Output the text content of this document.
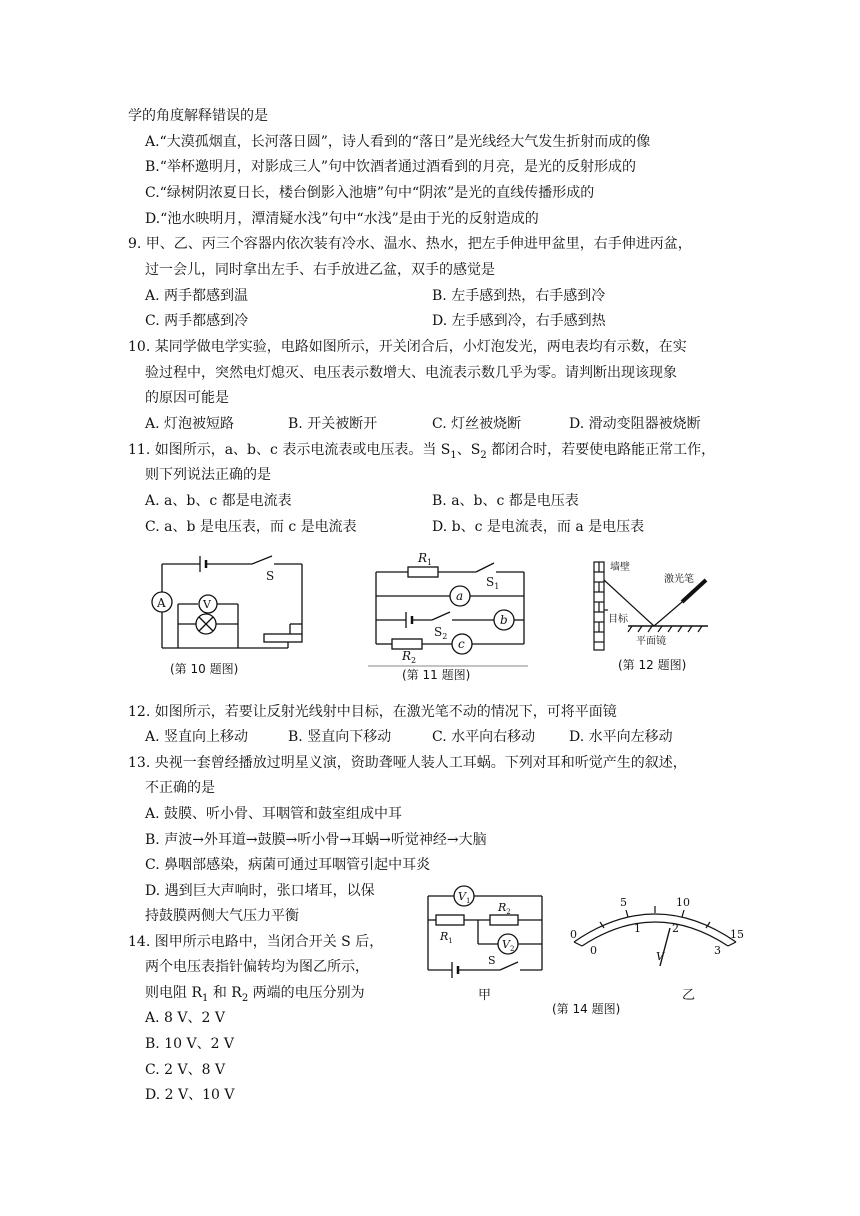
学的角度解释错误的是
A.“大漠孤烟直，长河落日圆”，诗人看到的“落日”是光线经大气发生折射而成的像
B.“举杯邀明月，对影成三人”句中饮酒者通过酒看到的月亮，是光的反射形成的
C.“绿树阴浓夏日长，楼台倒影入池塘”句中“阴浓”是光的直线传播形成的
D.“池水映明月，潭清疑水浅”句中“水浅”是由于光的反射造成的
9. 甲、乙、丙三个容器内依次装有冷水、温水、热水，把左手伸进甲盆里，右手伸进丙盆，
过一会儿，同时拿出左手、右手放进乙盆，双手的感觉是
A. 两手都感到温	B. 左手感到热，右手感到冷
C. 两手都感到冷	D. 左手感到冷，右手感到热
10. 某同学做电学实验，电路如图所示，开关闭合后，小灯泡发光，两电表均有示数，在实
验过程中，突然电灯熄灭、电压表示数增大、电流表示数几乎为零。请判断出现该现象
的原因可能是
A. 灯泡被短路	B. 开关被断开	C. 灯丝被烧断	D. 滑动变阻器被烧断
11. 如图所示，a、b、c 表示电流表或电压表。当 $S_1$、$S_2$ 都闭合时，若要使电路能正常工作，
则下列说法正确的是
A. a、b、c 都是电流表	B. a、b、c 都是电压表
C. a、b 是电压表，而 c 是电流表	D. b、c 是电流表，而 a 是电压表
S
A	V
(第 10 题图)
$R_1$
$R_2$
a
b
c
$S_1$
$S_2$
(第 11 题图)
墙壁
激光笔
目标
平面镜
(第 12 题图)
12. 如图所示，若要让反射光线射中目标，在激光笔不动的情况下，可将平面镜
A. 竖直向上移动	B. 竖直向下移动	C. 水平向右移动 D. 水平向左移动
13. 央视一套曾经播放过明星义演，资助聋哑人装人工耳蜗。下列对耳和听觉产生的叙述，
不正确的是
A. 鼓膜、听小骨、耳咽管和鼓室组成中耳
B. 声波→外耳道→鼓膜→听小骨→耳蜗→听觉神经→大脑
C. 鼻咽部感染，病菌可通过耳咽管引起中耳炎
D. 遇到巨大声响时，张口堵耳，以保
持鼓膜两侧大气压力平衡
14. 图甲所示电路中，当闭合开关 S 后，
两个电压表指针偏转均为图乙所示，
则电阻 $R_1$ 和 $R_2$ 两端的电压分别为
A. 8 V、2 V
B. 10 V、2 V
C. 2 V、8 V
D. 2 V、10 V
$V_1$
$V_2$
$R_1$
$R_2$
S
0
5	10
15
0
1	2
3
V
甲	乙
(第 14 题图)
